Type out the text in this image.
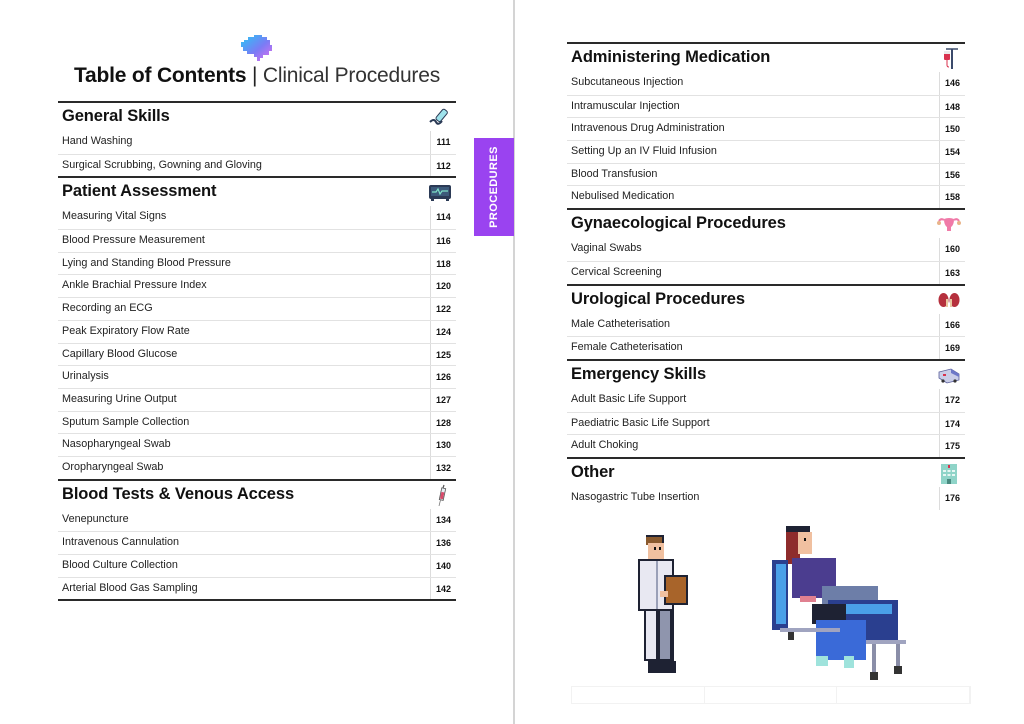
Table of Contents | Clinical Procedures
General Skills
Hand Washing	111
Surgical Scrubbing, Gowning and Gloving	112
Patient Assessment
Measuring Vital Signs	114
Blood Pressure Measurement	116
Lying and Standing Blood Pressure	118
Ankle Brachial Pressure Index	120
Recording an ECG	122
Peak Expiratory Flow Rate	124
Capillary Blood Glucose	125
Urinalysis	126
Measuring Urine Output	127
Sputum Sample Collection	128
Nasopharyngeal Swab	130
Oropharyngeal Swab	132
Blood Tests & Venous Access
Venepuncture	134
Intravenous Cannulation	136
Blood Culture Collection	140
Arterial Blood Gas Sampling	142
PROCEDURES
Administering Medication
Subcutaneous Injection	146
Intramuscular Injection	148
Intravenous Drug Administration	150
Setting Up an IV Fluid Infusion	154
Blood Transfusion	156
Nebulised Medication	158
Gynaecological Procedures
Vaginal Swabs	160
Cervical Screening	163
Urological Procedures
Male Catheterisation	166
Female Catheterisation	169
Emergency Skills
Adult Basic Life Support	172
Paediatric Basic Life Support	174
Adult Choking	175
Other
Nasogastric Tube Insertion	176
